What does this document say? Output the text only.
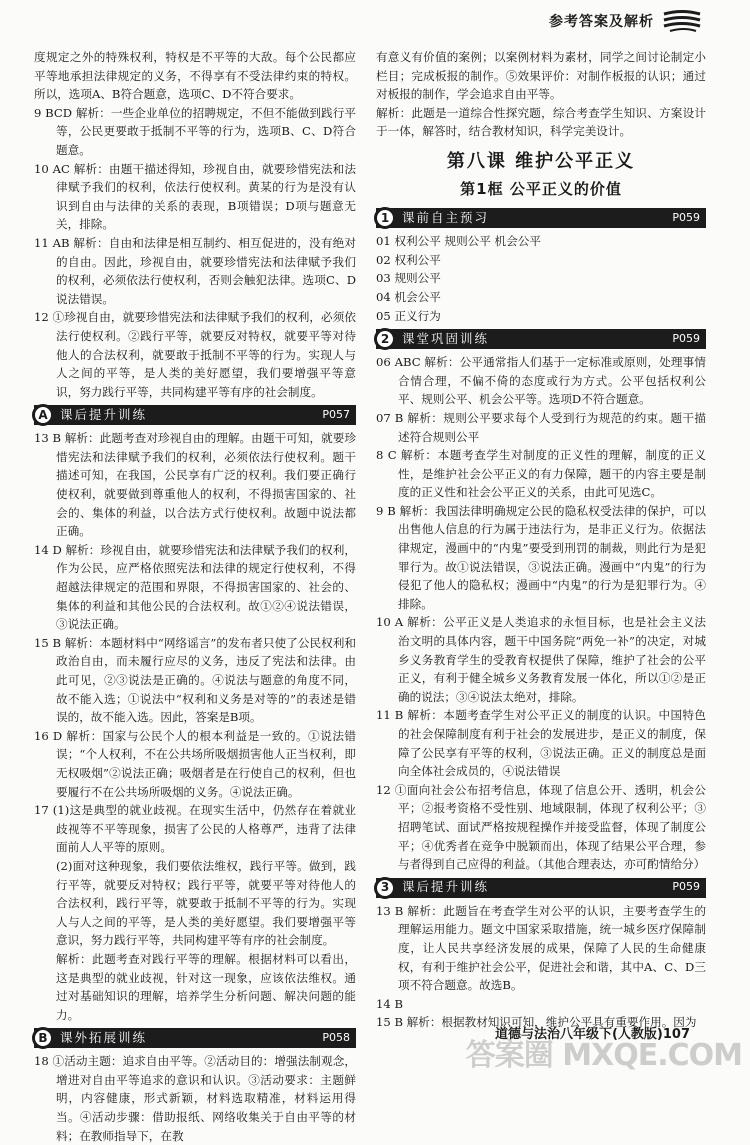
参考答案及解析
度规定之外的特殊权利，特权是不平等的大敌。每个公民都应平等地承担法律规定的义务，不得享有不受法律约束的特权。所以，选项A、B符合题意，选项C、D不符合要求。
9 BCD 解析：一些企业单位的招聘规定，不但不能做到践行平等，公民更要敢于抵制不平等的行为，选项B、C、D符合题意。
10 AC 解析：由题干描述得知，珍视自由，就要珍惜宪法和法律赋予我们的权利，依法行使权利。黄某的行为是没有认识到自由与法律的关系的表现，B项错误；D项与题意无关，排除。
11 AB 解析：自由和法律是相互制约、相互促进的，没有绝对的自由。因此，珍视自由，就要珍惜宪法和法律赋予我们的权利，必须依法行使权利，否则会触犯法律。选项C、D说法错误。
12 ①珍视自由，就要珍惜宪法和法律赋予我们的权利，必须依法行使权利。②践行平等，就要反对特权，就要平等对待他人的合法权利，就要敢于抵制不平等的行为。实现人与人之间的平等，是人类的美好愿望，我们要增强平等意识，努力践行平等，共同构建平等有序的社会制度。
A 课后提升训练	P057
13 B 解析：此题考查对珍视自由的理解。由题干可知，就要珍惜宪法和法律赋予我们的权利，必须依法行使权利。题干描述可知，在我国，公民享有广泛的权利。我们要正确行使权利，就要做到尊重他人的权利，不得损害国家的、社会的、集体的利益，以合法方式行使权利。故题中说法都正确。
14 D 解析：珍视自由，就要珍惜宪法和法律赋予我们的权利，作为公民，应严格依照宪法和法律的规定行使权利，不得超越法律规定的范围和界限，不得损害国家的、社会的、集体的利益和其他公民的合法权利。故①②④说法错误，③说法正确。
15 B 解析：本题材料中“网络谣言”的发布者只使了公民权利和政治自由，而未履行应尽的义务，违反了宪法和法律。由此可见，②③说法是正确的。④说法与题意的角度不同，故不能入选；①说法中“权利和义务是对等的”的表述是错误的，故不能入选。因此，答案是B项。
16 D 解析：国家与公民个人的根本利益是一致的。①说法错误；“个人权利，不在公共场所吸烟损害他人正当权利，即无权吸烟”②说法正确；吸烟者是在行使自己的权利，但也要履行不在公共场所吸烟的义务。④说法正确。
17 (1)这是典型的就业歧视。在现实生活中，仍然存在着就业歧视等不平等现象，损害了公民的人格尊严，违背了法律面前人人平等的原则。
(2)面对这种现象，我们要依法维权，践行平等。做到，践行平等，就要反对特权；践行平等，就要平等对待他人的合法权利，践行平等，就要敢于抵制不平等的行为。实现人与人之间的平等，是人类的美好愿望。我们要增强平等意识，努力践行平等，共同构建平等有序的社会制度。
解析：此题考查对践行平等的理解。根据材料可以看出，这是典型的就业歧视，针对这一现象，应该依法维权。通过对基础知识的理解，培养学生分析问题、解决问题的能力。
B 课外拓展训练	P058
18 ①活动主题：追求自由平等。②活动目的：增强法制观念，增进对自由平等追求的意识和认识。③活动要求：主题鲜明，内容健康，形式新颖，材料选取精准，材料运用得当。④活动步骤：借助报纸、网络收集关于自由平等的材料；在教师指导下，在教
有意义有价值的案例；以案例材料为素材，同学之间讨论制定小栏目；完成板报的制作。⑤效果评价：对制作板报的认识；通过对板报的制作，学会追求自由平等。
解析：此题是一道综合性探究题，综合考查学生知识、方案设计于一体，解答时，结合教材知识，科学完美设计。
第八课 维护公平正义
第1框 公平正义的价值
1	课前自主预习	P059
01 权利公平 规则公平 机会公平
02 权利公平
03 规则公平
04 机会公平
05 正义行为
2	课堂巩固训练	P059
06 ABC 解析：公平通常指人们基于一定标准或原则，处理事情合情合理，不偏不倚的态度或行为方式。公平包括权利公平、规则公平、机会公平等。选项D不符合题意。
07 B 解析：规则公平要求每个人受到行为规范的约束。题干描述符合规则公平
8 C 解析：本题考查学生对制度的正义性的理解，制度的正义性，是维护社会公平正义的有力保障，题干的内容主要是制度的正义性和社会公平正义的关系，由此可见选C。
9 B 解析：我国法律明确规定公民的隐私权受法律的保护，可以出售他人信息的行为属于违法行为，是非正义行为。依据法律规定，漫画中的“内鬼”要受到刑罚的制裁，则此行为是犯罪行为。故①说法错误，③说法正确。漫画中“内鬼”的行为侵犯了他人的隐私权；漫画中“内鬼”的行为是犯罪行为。④排除。
10 A 解析：公平正义是人类追求的永恒目标，也是社会主义法治文明的具体内容，题干中国务院“两免一补”的决定，对城乡义务教育学生的受教育权提供了保障，维护了社会的公平正义，有利于健全城乡义务教育发展一体化，所以①②是正确的说法；③④说法太绝对，排除。
11 B 解析：本题考查学生对公平正义的制度的认识。中国特色的社会保障制度有利于社会的发展进步，是正义的制度，保障了公民享有平等的权利，③说法正确。正义的制度总是面向全体社会成员的，④说法错误
12 ①面向社会公布招考信息，体现了信息公开、透明，机会公平；②报考资格不受性别、地域限制，体现了权利公平；③招聘笔试、面试严格按规程操作并接受监督，体现了制度公平；④优秀者在竞争中脱颖而出，体现了结果公平合理，参与者得到自己应得的利益。（其他合理表达，亦可酌情给分）
3	课后提升训练	P059
13 B 解析：此题旨在考查学生对公平的认识，主要考查学生的理解运用能力。题文中国家采取措施，统一城乡医疗保障制度，让人民共享经济发展的成果，保障了人民的生命健康权，有利于维护社会公平，促进社会和谐，其中A、C、D三项不符合题意。故选B。
14 B
15 B 解析：根据教材知识可知，维护公平具有重要作用。因为
道德与法治八年级下(人教版)107
答案圈 MXQE.COM
